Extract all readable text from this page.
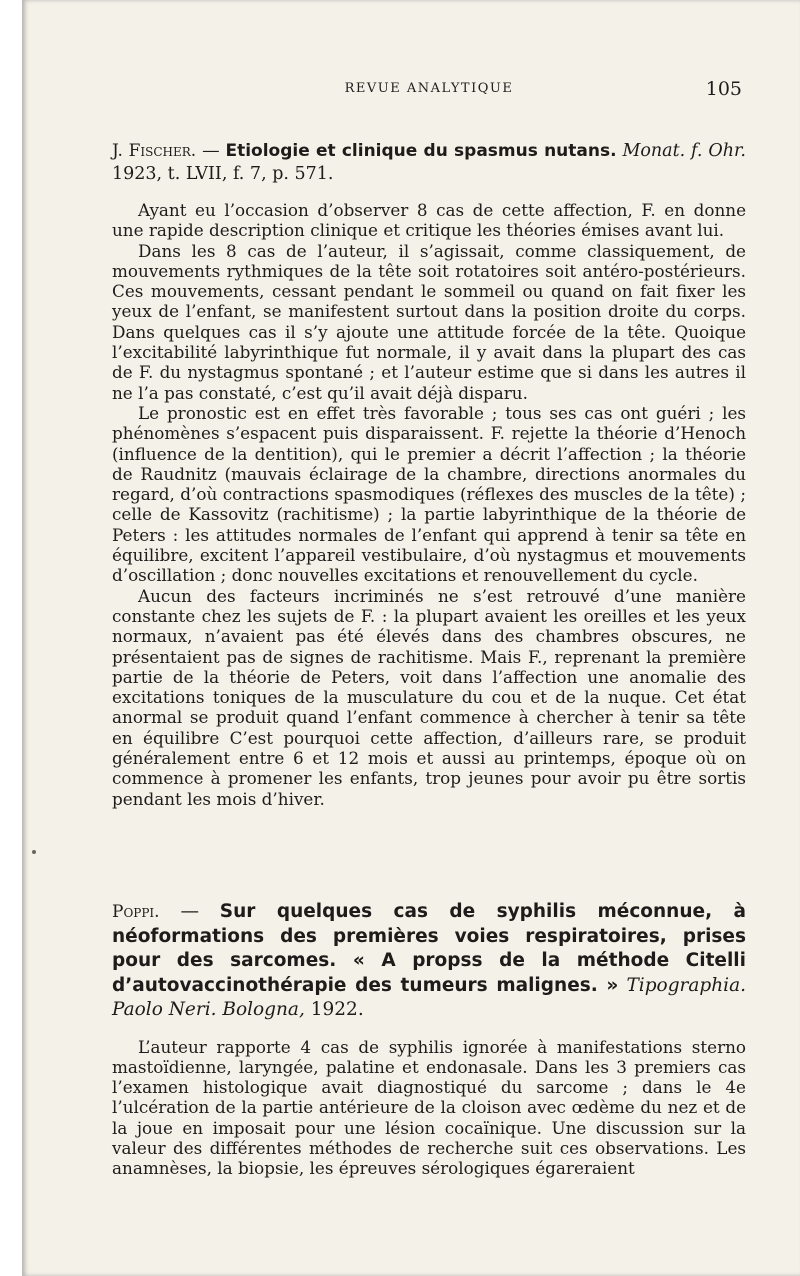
REVUE ANALYTIQUE	105

J. Fischer. — Etiologie et clinique du spasmus nutans. Monat. f. Ohr. 1923, t. LVII, f. 7, p. 571.

Ayant eu l’occasion d’observer 8 cas de cette affection, F. en donne une rapide description clinique et critique les théories émises avant lui.

Dans les 8 cas de l’auteur, il s’agissait, comme classiquement, de mouvements rythmiques de la tête soit rotatoires soit antéro-postérieurs. Ces mouvements, cessant pendant le sommeil ou quand on fait fixer les yeux de l’enfant, se manifestent surtout dans la position droite du corps. Dans quelques cas il s’y ajoute une attitude forcée de la tête. Quoique l’excitabilité labyrinthique fut normale, il y avait dans la plupart des cas de F. du nystagmus spontané ; et l’auteur estime que si dans les autres il ne l’a pas constaté, c’est qu’il avait déjà disparu.

Le pronostic est en effet très favorable ; tous ses cas ont guéri ; les phénomènes s’espacent puis disparaissent. F. rejette la théorie d’Henoch (influence de la dentition), qui le premier a décrit l’affection ; la théorie de Raudnitz (mauvais éclairage de la chambre, directions anormales du regard, d’où contractions spasmodiques (réflexes des muscles de la tête) ; celle de Kassovitz (rachitisme) ; la partie labyrinthique de la théorie de Peters : les attitudes normales de l’enfant qui apprend à tenir sa tête en équilibre, excitent l’appareil vestibulaire, d’où nystagmus et mouvements d’oscillation ; donc nouvelles excitations et renouvellement du cycle.

Aucun des facteurs incriminés ne s’est retrouvé d’une manière constante chez les sujets de F. : la plupart avaient les oreilles et les yeux normaux, n’avaient pas été élevés dans des chambres obscures, ne présentaient pas de signes de rachitisme. Mais F., reprenant la première partie de la théorie de Peters, voit dans l’affection une anomalie des excitations toniques de la musculature du cou et de la nuque. Cet état anormal se produit quand l’enfant commence à chercher à tenir sa tête en équilibre C’est pourquoi cette affection, d’ailleurs rare, se produit généralement entre 6 et 12 mois et aussi au printemps, époque où on commence à promener les enfants, trop jeunes pour avoir pu être sortis pendant les mois d’hiver.

Poppi. — Sur quelques cas de syphilis méconnue, à néoformations des premières voies respiratoires, prises pour des sarcomes. « A propss de la méthode Citelli d’autovaccinothérapie des tumeurs malignes. » Tipographia. Paolo Neri. Bologna, 1922.

L’auteur rapporte 4 cas de syphilis ignorée à manifestations sterno mastoïdienne, laryngée, palatine et endonasale. Dans les 3 premiers cas l’examen histologique avait diagnostiqué du sarcome ; dans le 4e l’ulcération de la partie antérieure de la cloison avec œdème du nez et de la joue en imposait pour une lésion cocaïnique. Une discussion sur la valeur des différentes méthodes de recherche suit ces observations. Les anamnèses, la biopsie, les épreuves sérologiques égareraient
